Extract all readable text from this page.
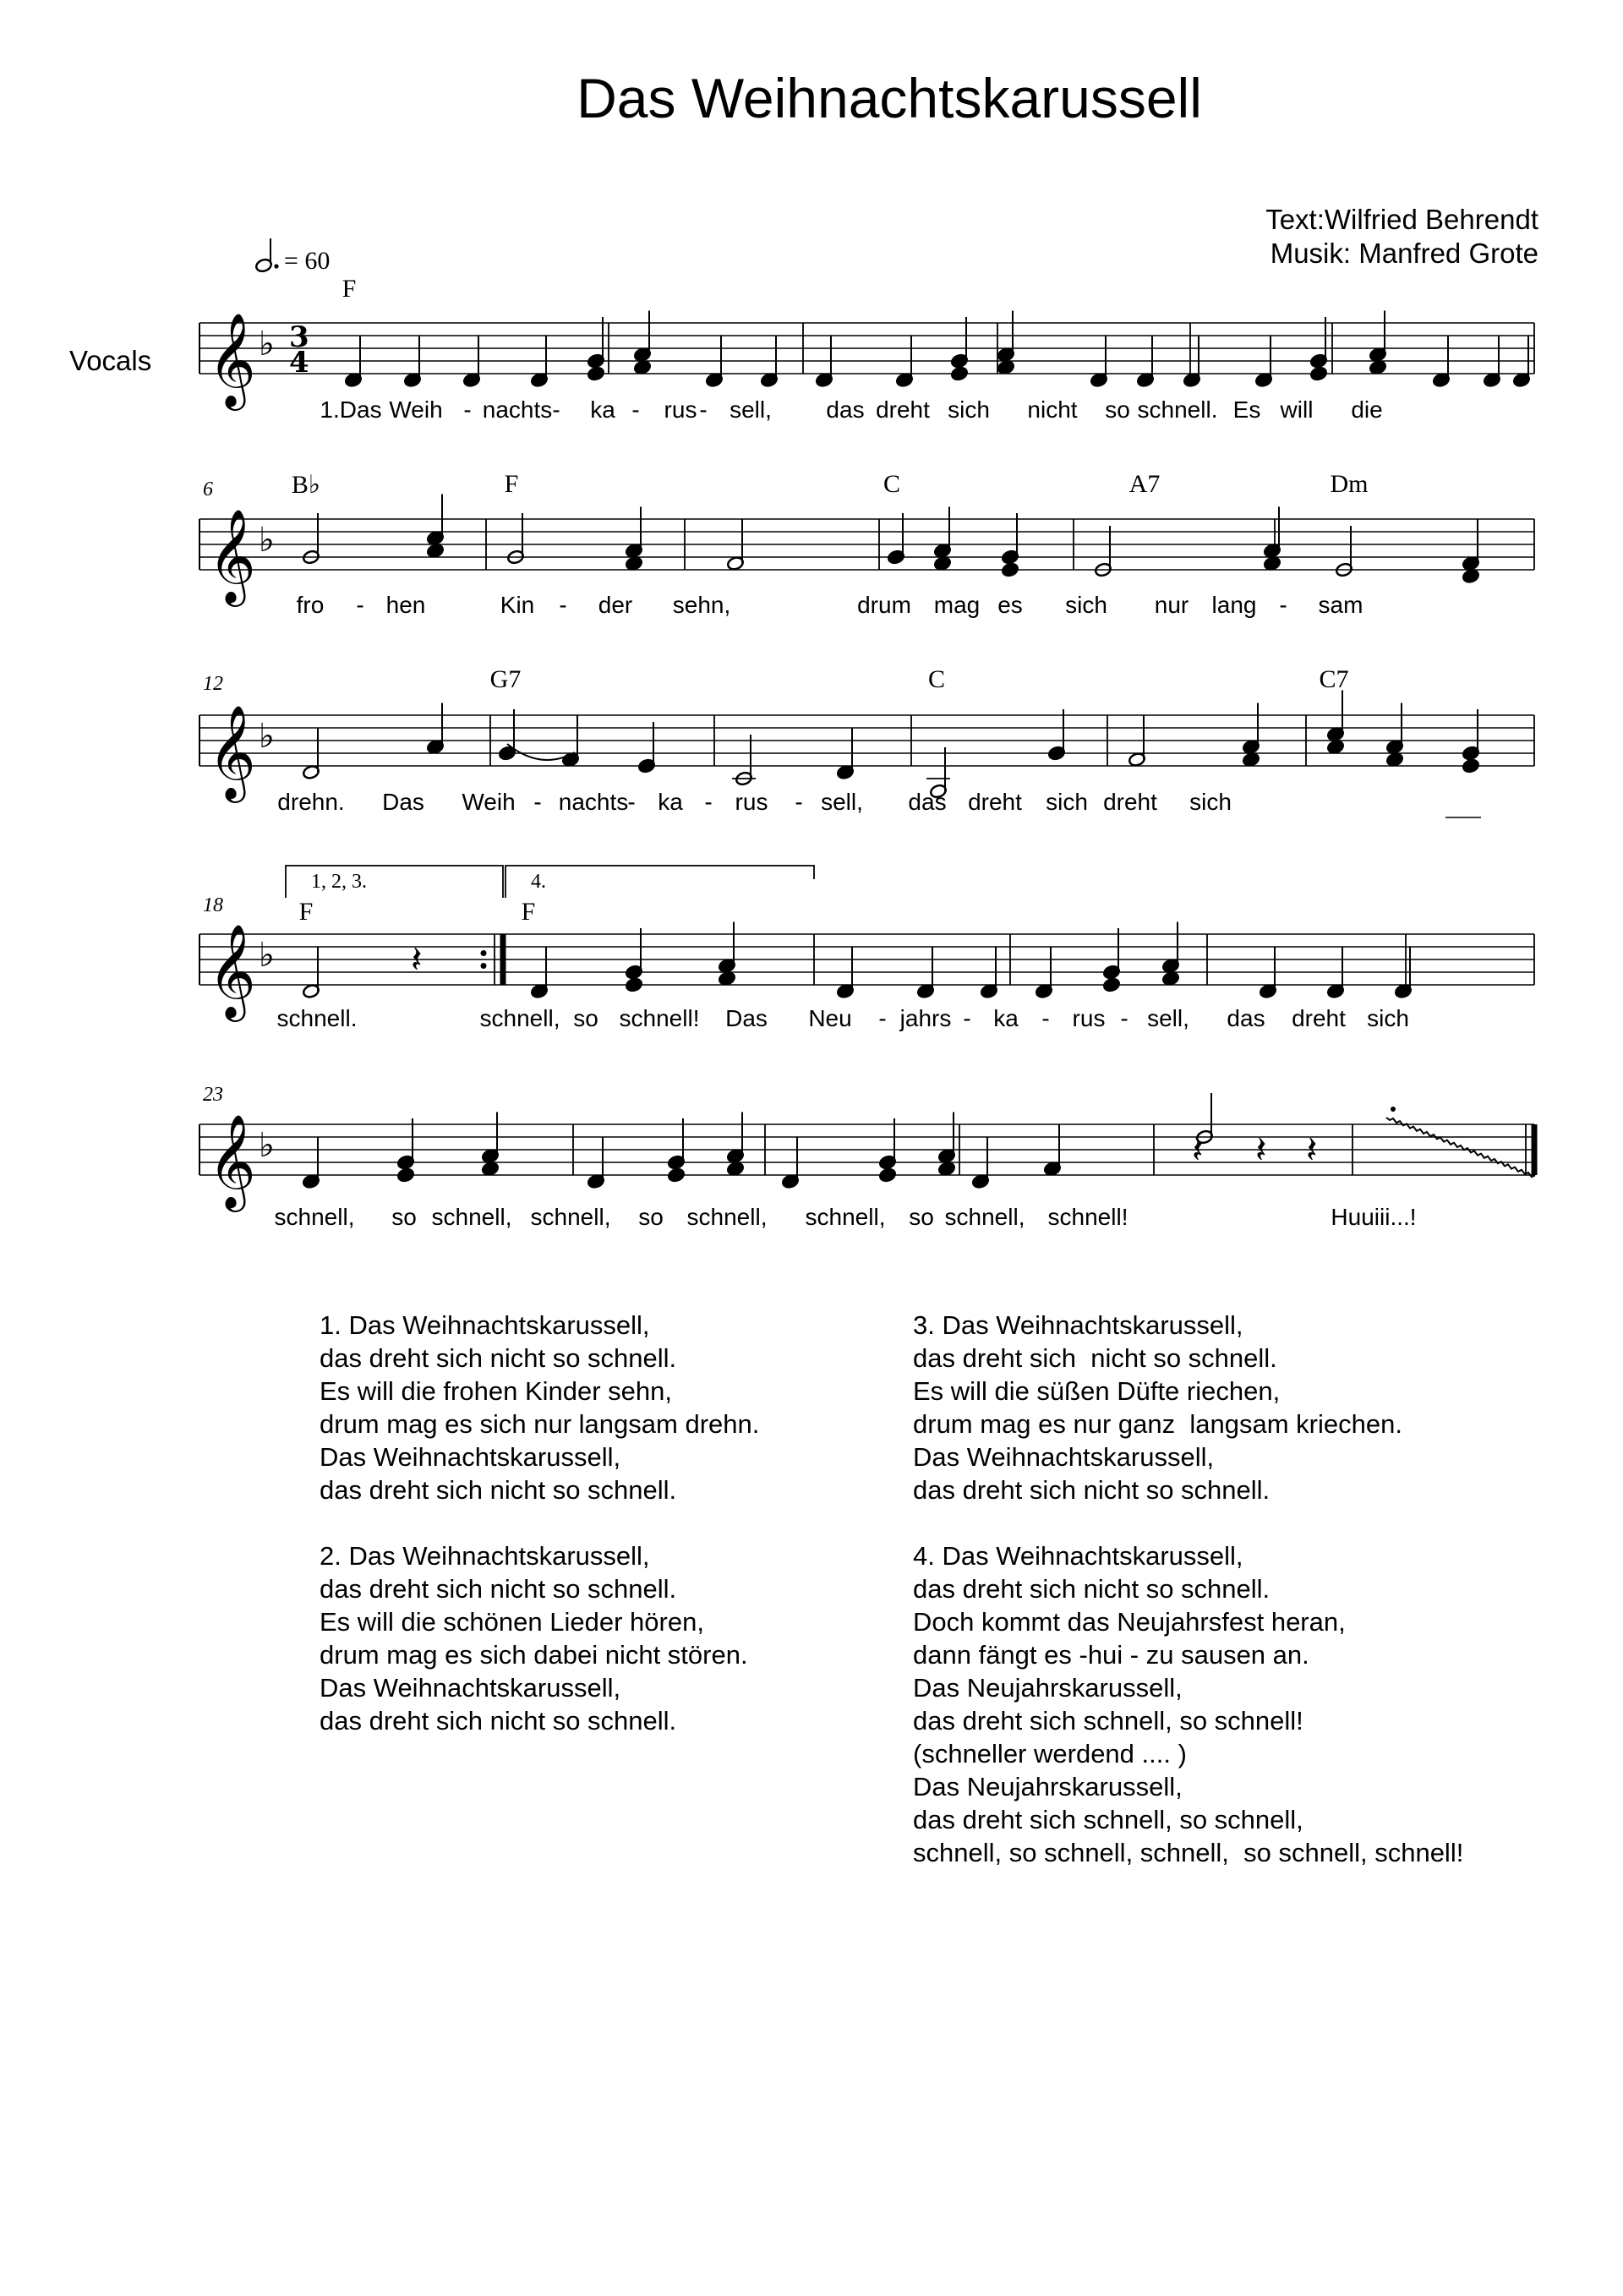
Das Weihnachtskarussell
Text:Wilfried Behrendt
Musik: Manfred Grote
Vocals
= 60
𝄞 ♭ 3
4
𝄞 ♭
𝄞 ♭
𝄞 ♭
𝄞 ♭
𝄽
𝄽 𝄽 𝄽
F
B♭	F	C	A7	Dm
G7	C	C7
F	F
6
12
18
23
1, 2, 3.	4.
1.Das Weih - nachts - ka - rus - sell, das dreht sich nicht so schnell. Es will die
fro - hen	Kin - der sehn,	drum mag es sich nur lang - sam
drehn. Das Weih - nachts - ka - rus - sell, das dreht sich dreht sich
schnell.	schnell, so schnell! Das Neu - jahrs - ka - rus - sell, das dreht sich
schnell, so schnell, schnell, so schnell, schnell, so schnell, schnell!	Huuiii...!
1. Das Weihnachtskarussell,
das dreht sich nicht so schnell.
Es will die frohen Kinder sehn,
drum mag es sich nur langsam drehn.
Das Weihnachtskarussell,
das dreht sich nicht so schnell.
2. Das Weihnachtskarussell,
das dreht sich nicht so schnell.
Es will die schönen Lieder hören,
drum mag es sich dabei nicht stören.
Das Weihnachtskarussell,
das dreht sich nicht so schnell.
3. Das Weihnachtskarussell,
das dreht sich  nicht so schnell.
Es will die süßen Düfte riechen,
drum mag es nur ganz  langsam kriechen.
Das Weihnachtskarussell,
das dreht sich nicht so schnell.
4. Das Weihnachtskarussell,
das dreht sich nicht so schnell.
Doch kommt das Neujahrsfest heran,
dann fängt es -hui - zu sausen an.
Das Neujahrskarussell,
das dreht sich schnell, so schnell!
(schneller werdend .... )
Das Neujahrskarussell,
das dreht sich schnell, so schnell,
schnell, so schnell, schnell,  so schnell, schnell!
